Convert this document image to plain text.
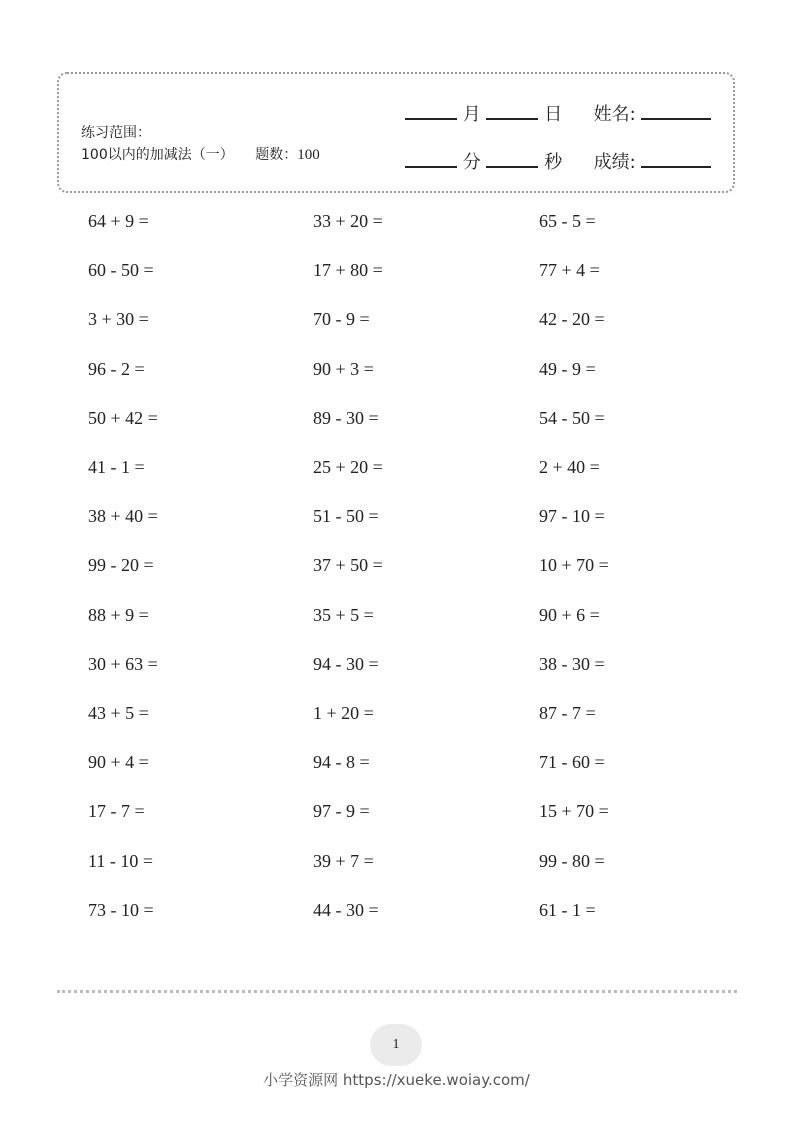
练习范围：
100以内的加减法（一） 题数：100
月	日 姓名:
分	秒 成绩:
64 + 9 =
60 - 50 =
3 + 30 =
96 - 2 =
50 + 42 =
41 - 1 =
38 + 40 =
99 - 20 =
88 + 9 =
30 + 63 =
43 + 5 =
90 + 4 =
17 - 7 =
11 - 10 =
73 - 10 =
33 + 20 =
17 + 80 =
70 - 9 =
90 + 3 =
89 - 30 =
25 + 20 =
51 - 50 =
37 + 50 =
35 + 5 =
94 - 30 =
1 + 20 =
94 - 8 =
97 - 9 =
39 + 7 =
44 - 30 =
65 - 5 =
77 + 4 =
42 - 20 =
49 - 9 =
54 - 50 =
2 + 40 =
97 - 10 =
10 + 70 =
90 + 6 =
38 - 30 =
87 - 7 =
71 - 60 =
15 + 70 =
99 - 80 =
61 - 1 =
1
小学资源网 https://xueke.woiay.com/
